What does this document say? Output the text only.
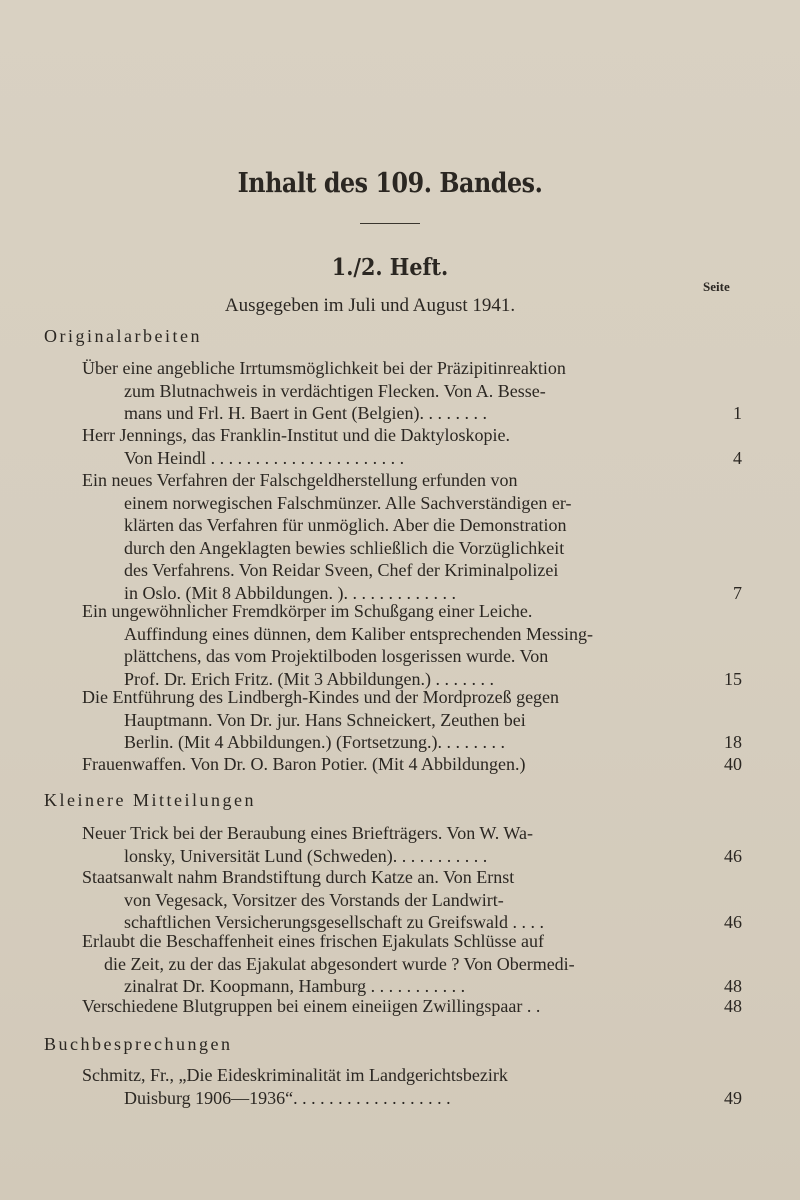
Inhalt des 109. Bandes.
1./2. Heft.
Seite
Ausgegeben im Juli und August 1941.
Originalarbeiten
Über eine angebliche Irrtumsmöglichkeit bei der Präzipitinreaktion
zum Blutnachweis in verdächtigen Flecken. Von A. Besse-
mans und Frl. H. Baert in Gent (Belgien). . . . . . . .	1
Herr Jennings, das Franklin-Institut und die Daktyloskopie.
Von Heindl . . . . . . . . . . . . . . . . . . . . . .	4
Ein neues Verfahren der Falschgeldherstellung erfunden von
einem norwegischen Falschmünzer. Alle Sachverständigen er-
klärten das Verfahren für unmöglich. Aber die Demonstration
durch den Angeklagten bewies schließlich die Vorzüglichkeit
des Verfahrens. Von Reidar Sveen, Chef der Kriminalpolizei
in Oslo. (Mit 8 Abbildungen. ). . . . . . . . . . . . .	7
Ein ungewöhnlicher Fremdkörper im Schußgang einer Leiche.
Auffindung eines dünnen, dem Kaliber entsprechenden Messing-
plättchens, das vom Projektilboden losgerissen wurde. Von
Prof. Dr. Erich Fritz. (Mit 3 Abbildungen.) . . . . . . .	15
Die Entführung des Lindbergh-Kindes und der Mordprozeß gegen
Hauptmann. Von Dr. jur. Hans Schneickert, Zeuthen bei
Berlin. (Mit 4 Abbildungen.) (Fortsetzung.). . . . . . . .	18
Frauenwaffen. Von Dr. O. Baron Potier. (Mit 4 Abbildungen.)	40
Kleinere Mitteilungen
Neuer Trick bei der Beraubung eines Briefträgers. Von W. Wa-
lonsky, Universität Lund (Schweden). . . . . . . . . . .	46
Staatsanwalt nahm Brandstiftung durch Katze an. Von Ernst
von Vegesack, Vorsitzer des Vorstands der Landwirt-
schaftlichen Versicherungsgesellschaft zu Greifswald . . . .	46
Erlaubt die Beschaffenheit eines frischen Ejakulats Schlüsse auf
die Zeit, zu der das Ejakulat abgesondert wurde ? Von Obermedi-
zinalrat Dr. Koopmann, Hamburg . . . . . . . . . . .	48
Verschiedene Blutgruppen bei einem eineiigen Zwillingspaar . .	48
Buchbesprechungen
Schmitz, Fr., „Die Eideskriminalität im Landgerichtsbezirk
Duisburg 1906—1936“. . . . . . . . . . . . . . . . . .	49
